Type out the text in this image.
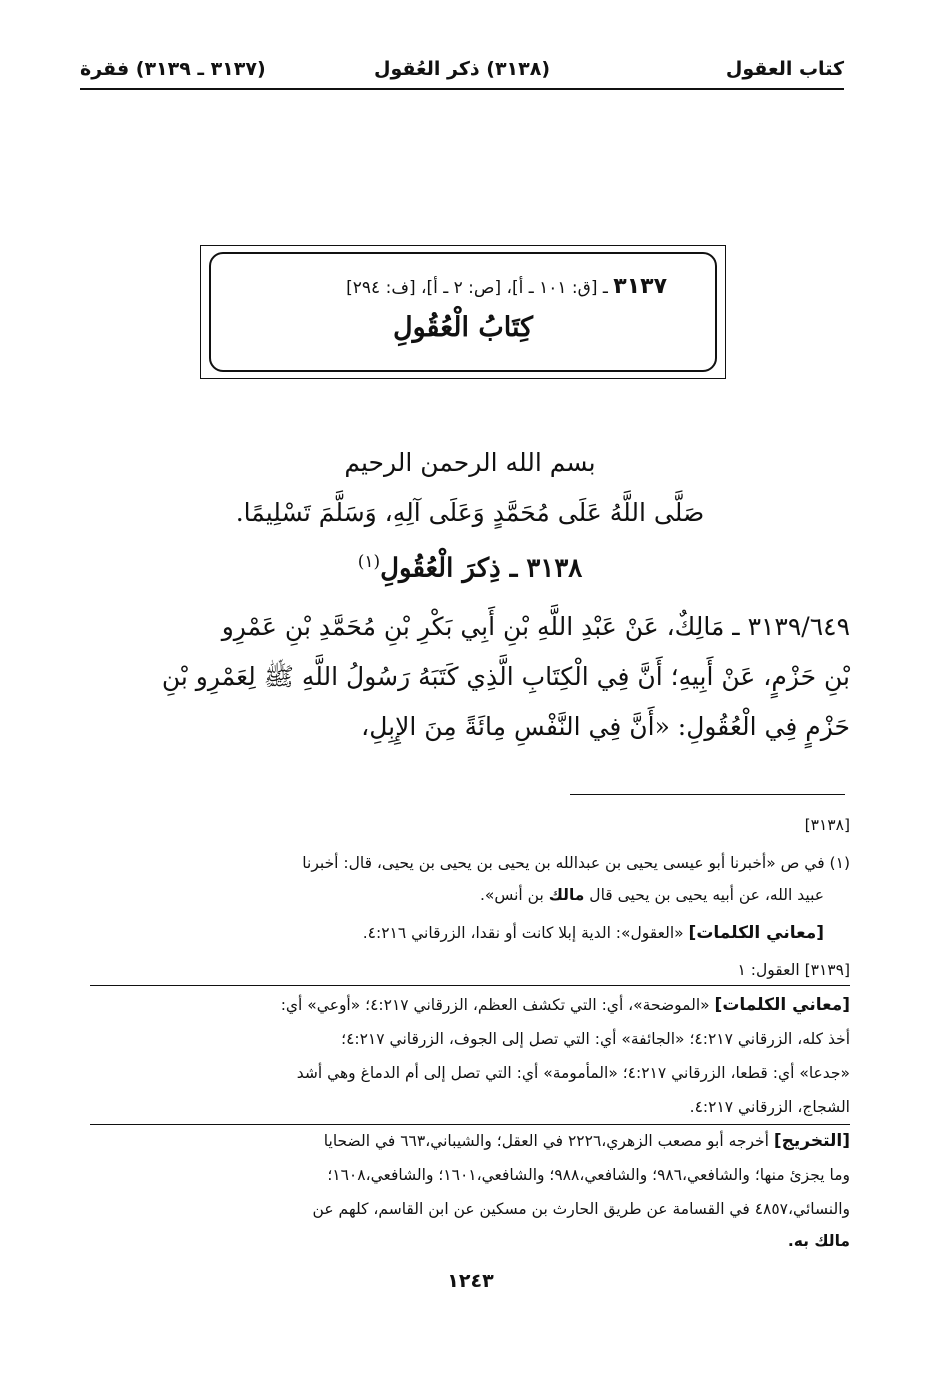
كتاب العقول
(٣١٣٨) ذكر العُقول
(٣١٣٧ ـ ٣١٣٩) فقرة
٣١٣٧ ـ [ق: ١٠١ ـ أ]، [ص: ٢ ـ أ]، [ف: ٢٩٤]
كِتَابُ الْعُقُولِ
بسم الله الرحمن الرحيم
صَلَّى اللَّهُ عَلَى مُحَمَّدٍ وَعَلَى آلِهِ، وَسَلَّمَ تَسْلِيمًا.
٣١٣٨ ـ ذِكرَ الْعُقُولِ$^{(١)}$
٣١٣٩/٦٤٩ ـ مَالِكٌ، عَنْ عَبْدِ اللَّهِ بْنِ أَبِي بَكْرِ بْنِ مُحَمَّدِ بْنِ عَمْرِو
بْنِ حَزْمٍ، عَنْ أَبِيهِ؛ أَنَّ فِي الْكِتَابِ الَّذِي كَتَبَهُ رَسُولُ اللَّهِ ﷺ لِعَمْرِو بْنِ
حَزْمٍ فِي الْعُقُولِ: «أَنَّ فِي النَّفْسِ مِائَةً مِنَ الإِبِلِ،
[٣١٣٨]
(١) في ص «أخبرنا أبو عيسى يحيى بن عبدالله بن يحيى بن يحيى بن يحيى، قال: أخبرنا
عبيد الله، عن أبيه يحيى بن يحيى قال مالك بن أنس».
[معاني الكلمات] «العقول»: الدية إبلا كانت أو نقدا، الزرقاني ٤:٢١٦.
[٣١٣٩] العقول: ١
[معاني الكلمات] «الموضحة»، أي: التي تكشف العظم، الزرقاني ٤:٢١٧؛ «أوعي» أي:
أخذ كله، الزرقاني ٤:٢١٧؛ «الجائفة» أي: التي تصل إلى الجوف، الزرقاني ٤:٢١٧؛
«جدعا» أي: قطعا، الزرقاني ٤:٢١٧؛ «المأمومة» أي: التي تصل إلى أم الدماغ وهي أشد
الشجاج، الزرقاني ٤:٢١٧.
[التخريج] أخرجه أبو مصعب الزهري،٢٢٢٦ في العقل؛ والشيباني،٦٦٣ في الضحايا
وما يجزئ منها؛ والشافعي،٩٨٦؛ والشافعي،٩٨٨؛ والشافعي،١٦٠١؛ والشافعي،١٦٠٨؛
والنسائي،٤٨٥٧ في القسامة عن طريق الحارث بن مسكين عن ابن القاسم، كلهم عن
مالك به.
١٢٤٣
